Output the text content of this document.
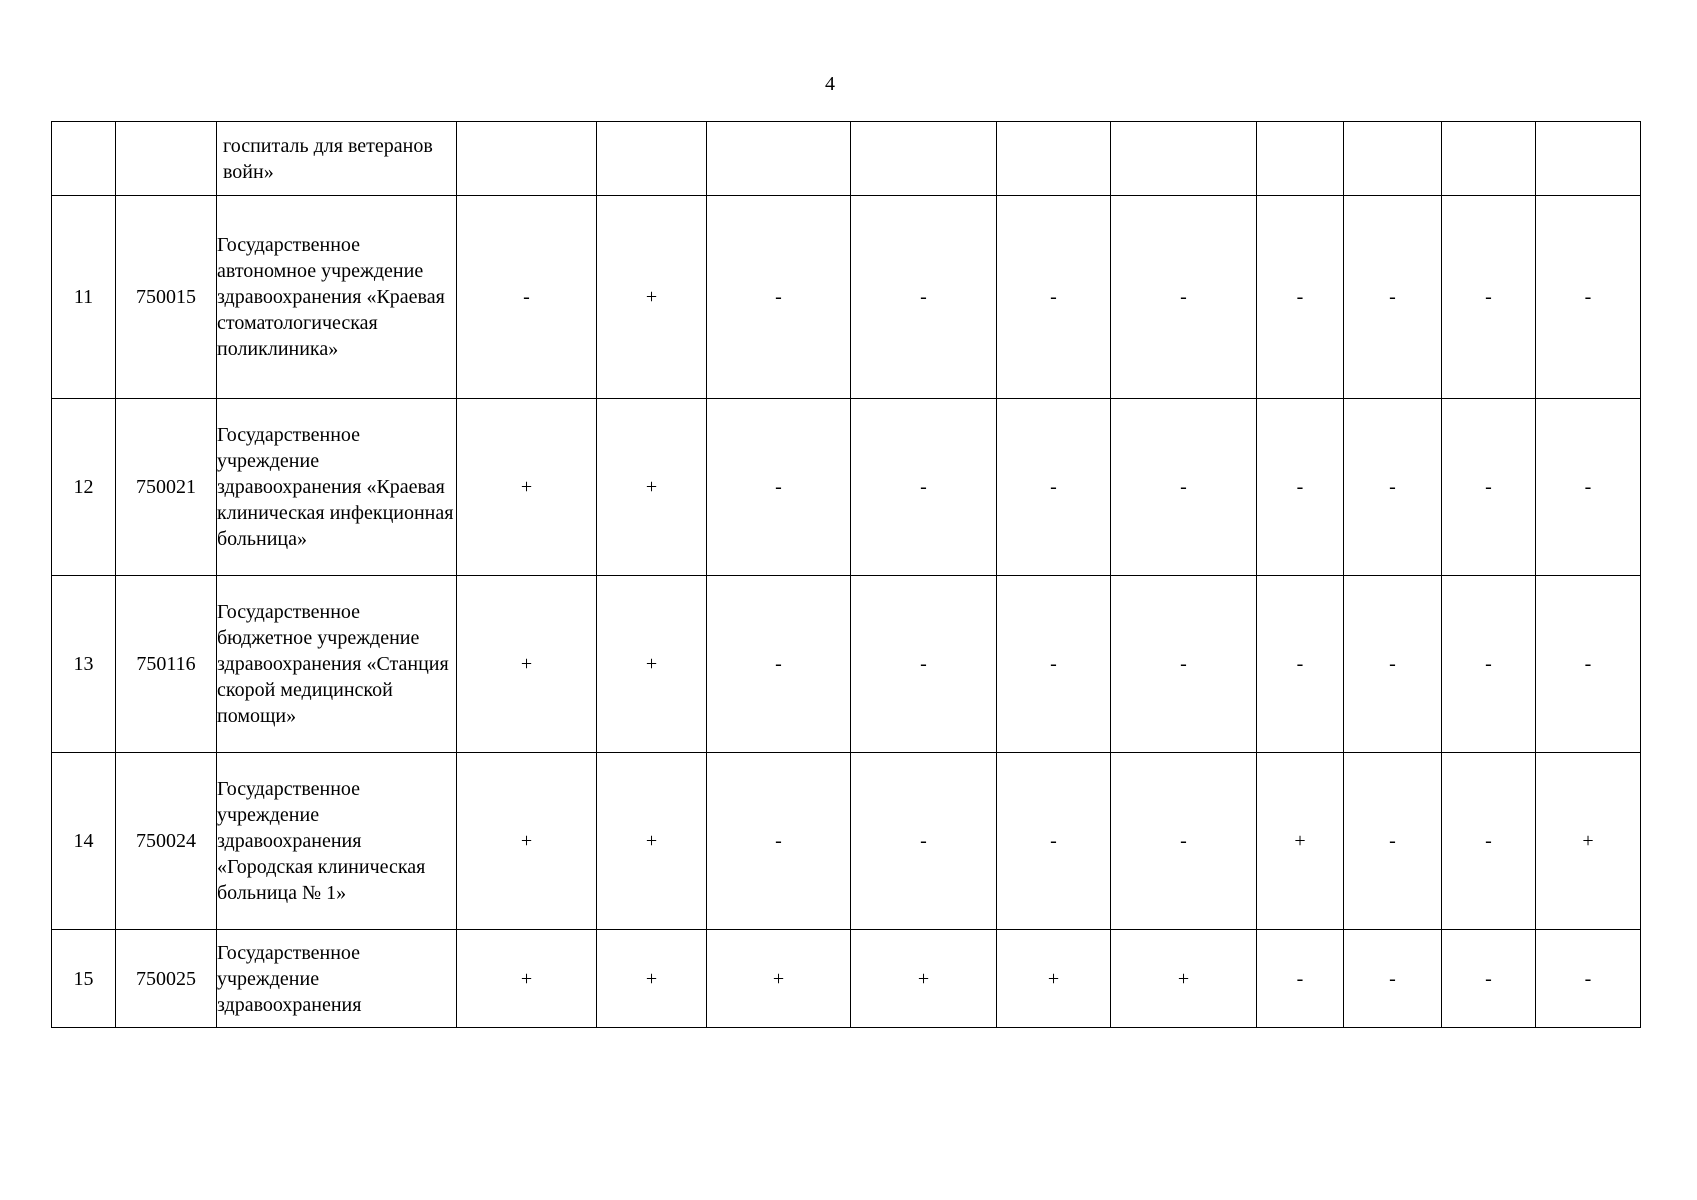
4
		госпиталь для ветеранов войн»										
11	750015	Государственное автономное учреждение здравоохранения «Краевая стоматологическая поликлиника»	-	+	-	-	-	-	-	-	-	-
12	750021	Государственное учреждение здравоохранения «Краевая клиническая инфекционная больница»	+	+	-	-	-	-	-	-	-	-
13	750116	Государственное бюджетное учреждение здравоохранения «Станция скорой медицинской помощи»	+	+	-	-	-	-	-	-	-	-
14	750024	Государственное учреждение здравоохранения «Городская клиническая больница № 1»	+	+	-	-	-	-	+	-	-	+
15	750025	Государственное учреждение здравоохранения	+	+	+	+	+	+	-	-	-	-
